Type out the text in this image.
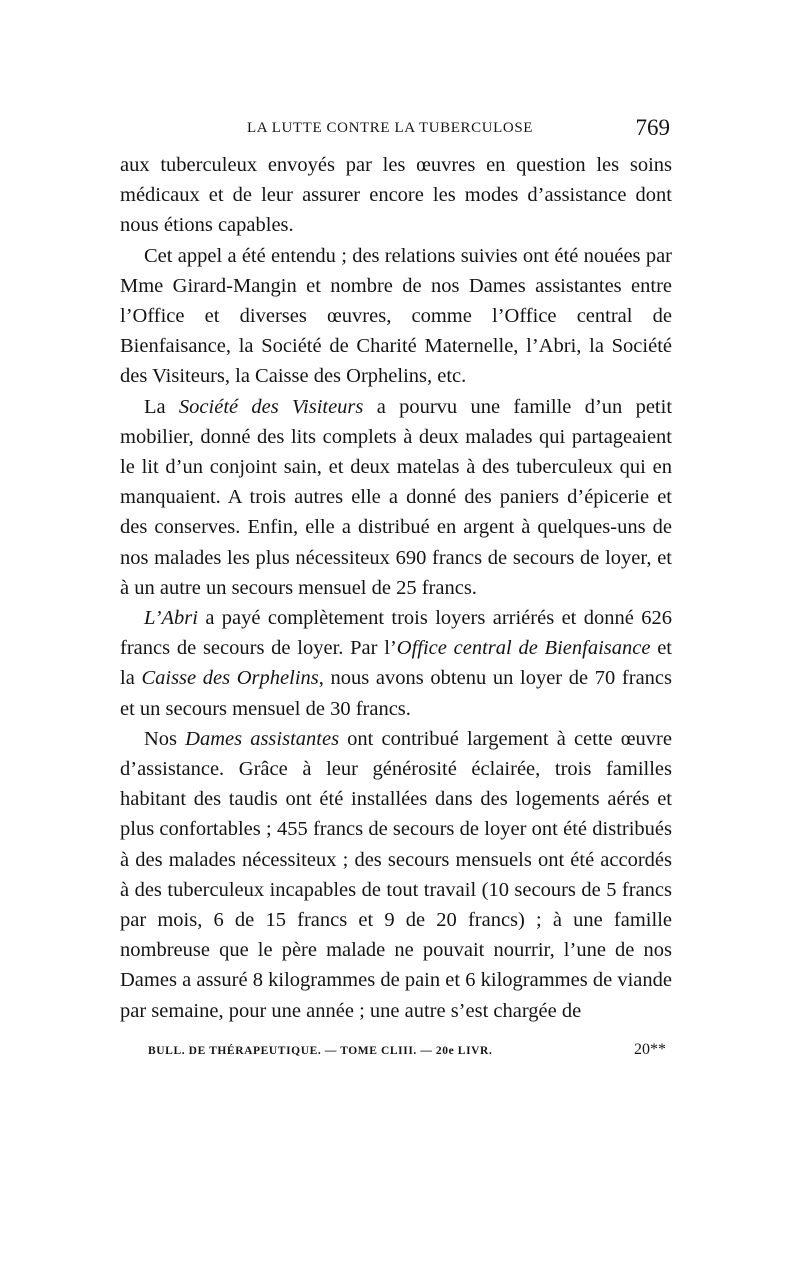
LA LUTTE CONTRE LA TUBERCULOSE	769

aux tuberculeux envoyés par les œuvres en question les soins médicaux et de leur assurer encore les modes d’assistance dont nous étions capables.

Cet appel a été entendu ; des relations suivies ont été nouées par Mme Girard-Mangin et nombre de nos Dames assistantes entre l’Office et diverses œuvres, comme l’Office central de Bienfaisance, la Société de Charité Maternelle, l’Abri, la Société des Visiteurs, la Caisse des Orphelins, etc.

La Société des Visiteurs a pourvu une famille d’un petit mobilier, donné des lits complets à deux malades qui partageaient le lit d’un conjoint sain, et deux matelas à des tuberculeux qui en manquaient. A trois autres elle a donné des paniers d’épicerie et des conserves. Enfin, elle a distribué en argent à quelques-uns de nos malades les plus nécessiteux 690 francs de secours de loyer, et à un autre un secours mensuel de 25 francs.

L’Abri a payé complètement trois loyers arriérés et donné 626 francs de secours de loyer. Par l’Office central de Bienfaisance et la Caisse des Orphelins, nous avons obtenu un loyer de 70 francs et un secours mensuel de 30 francs.

Nos Dames assistantes ont contribué largement à cette œuvre d’assistance. Grâce à leur générosité éclairée, trois familles habitant des taudis ont été installées dans des logements aérés et plus confortables ; 455 francs de secours de loyer ont été distribués à des malades nécessiteux ; des secours mensuels ont été accordés à des tuberculeux incapables de tout travail (10 secours de 5 francs par mois, 6 de 15 francs et 9 de 20 francs) ; à une famille nombreuse que le père malade ne pouvait nourrir, l’une de nos Dames a assuré 8 kilogrammes de pain et 6 kilogrammes de viande par semaine, pour une année ; une autre s’est chargée de

BULL. DE THÉRAPEUTIQUE. — TOME CLIII. — 20e LIVR.	20**
